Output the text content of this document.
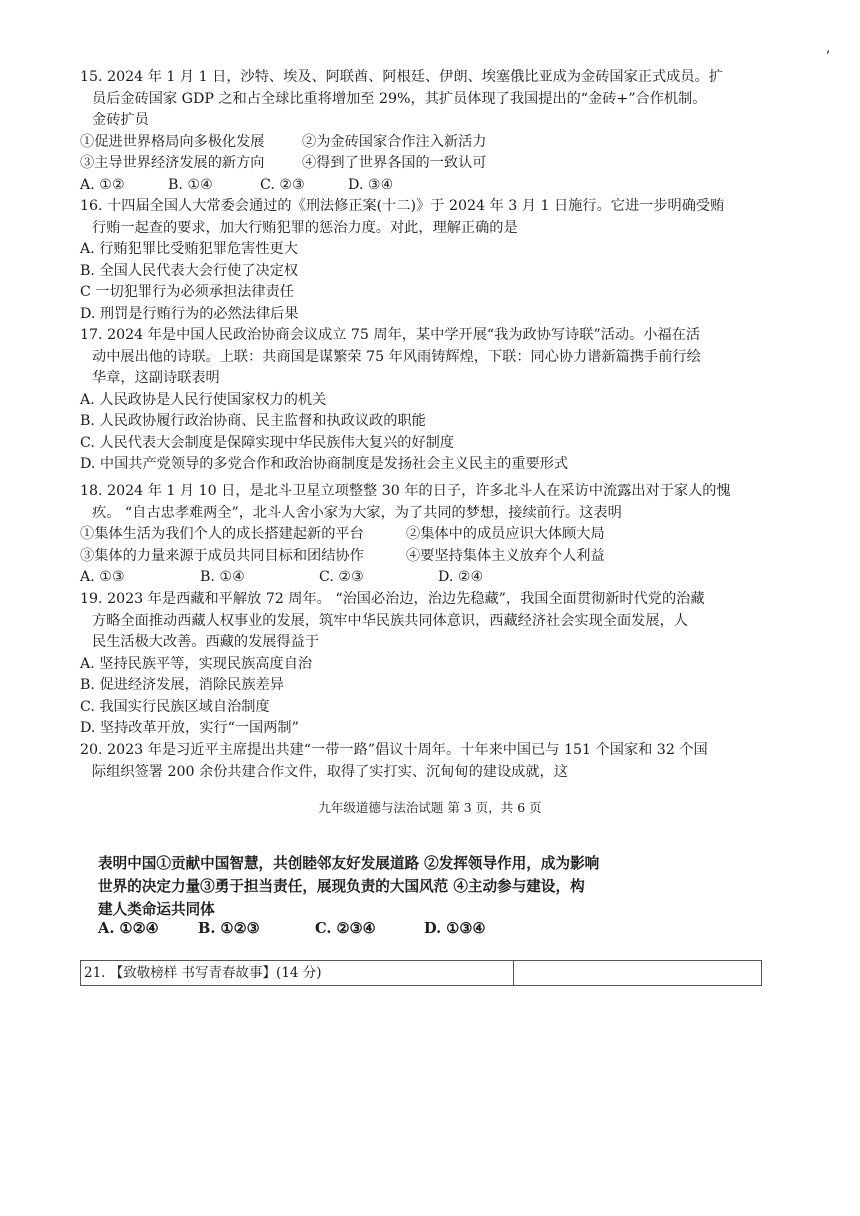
,

15. 2024 年 1 月 1 日，沙特、埃及、阿联酋、阿根廷、伊朗、埃塞俄比亚成为金砖国家正式成员。扩

员后金砖国家 GDP 之和占全球比重将增加至 29%，其扩员体现了我国提出的“金砖+”合作机制。

金砖扩员

①促进世界格局向多极化发展	②为金砖国家合作注入新活力

③主导世界经济发展的新方向	④得到了世界各国的一致认可

A. ①②	B. ①④	C. ②③	D. ③④

16. 十四届全国人大常委会通过的《刑法修正案(十二)》于 2024 年 3 月 1 日施行。它进一步明确受贿

行贿一起查的要求，加大行贿犯罪的惩治力度。对此，理解正确的是

A. 行贿犯罪比受贿犯罪危害性更大

B. 全国人民代表大会行使了决定权

C 一切犯罪行为必须承担法律责任

D. 刑罚是行贿行为的必然法律后果

17. 2024 年是中国人民政治协商会议成立 75 周年，某中学开展“我为政协写诗联”活动。小福在活

动中展出他的诗联。上联：共商国是谋繁荣 75 年风雨铸辉煌，下联：同心协力谱新篇携手前行绘

华章，这副诗联表明

A. 人民政协是人民行使国家权力的机关

B. 人民政协履行政治协商、民主监督和执政议政的职能

C. 人民代表大会制度是保障实现中华民族伟大复兴的好制度

D. 中国共产党领导的多党合作和政治协商制度是发扬社会主义民主的重要形式

18. 2024 年 1 月 10 日，是北斗卫星立项整整 30 年的日子，许多北斗人在采访中流露出对于家人的愧

疚。 “自古忠孝难两全”，北斗人舍小家为大家，为了共同的梦想，接续前行。这表明

①集体生活为我们个人的成长搭建起新的平台	②集体中的成员应识大体顾大局

③集体的力量来源于成员共同目标和团结协作	④要坚持集体主义放弃个人利益

A. ①③	B. ①④	C. ②③	D. ②④

19. 2023 年是西藏和平解放 72 周年。 “治国必治边，治边先稳藏”，我国全面贯彻新时代党的治藏

方略全面推动西藏人权事业的发展，筑牢中华民族共同体意识，西藏经济社会实现全面发展，人

民生活极大改善。西藏的发展得益于

A. 坚持民族平等，实现民族高度自治

B. 促进经济发展，消除民族差异

C. 我国实行民族区域自治制度

D. 坚持改革开放，实行“一国两制”

20. 2023 年是习近平主席提出共建“一带一路”倡议十周年。十年来中国已与 151 个国家和 32 个国

际组织签署 200 余份共建合作文件，取得了实打实、沉甸甸的建设成就，这

九年级道德与法治试题 第 3 页，共 6 页

表明中国①贡献中国智慧，共创睦邻友好发展道路 ②发挥领导作用，成为影响

世界的决定力量③勇于担当责任，展现负责的大国风范 ④主动参与建设，构

建人类命运共同体

A. ①②④	B. ①②③	C. ②③④	D. ①③④
21. 【致敬榜样 书写青春故事】(14 分)
